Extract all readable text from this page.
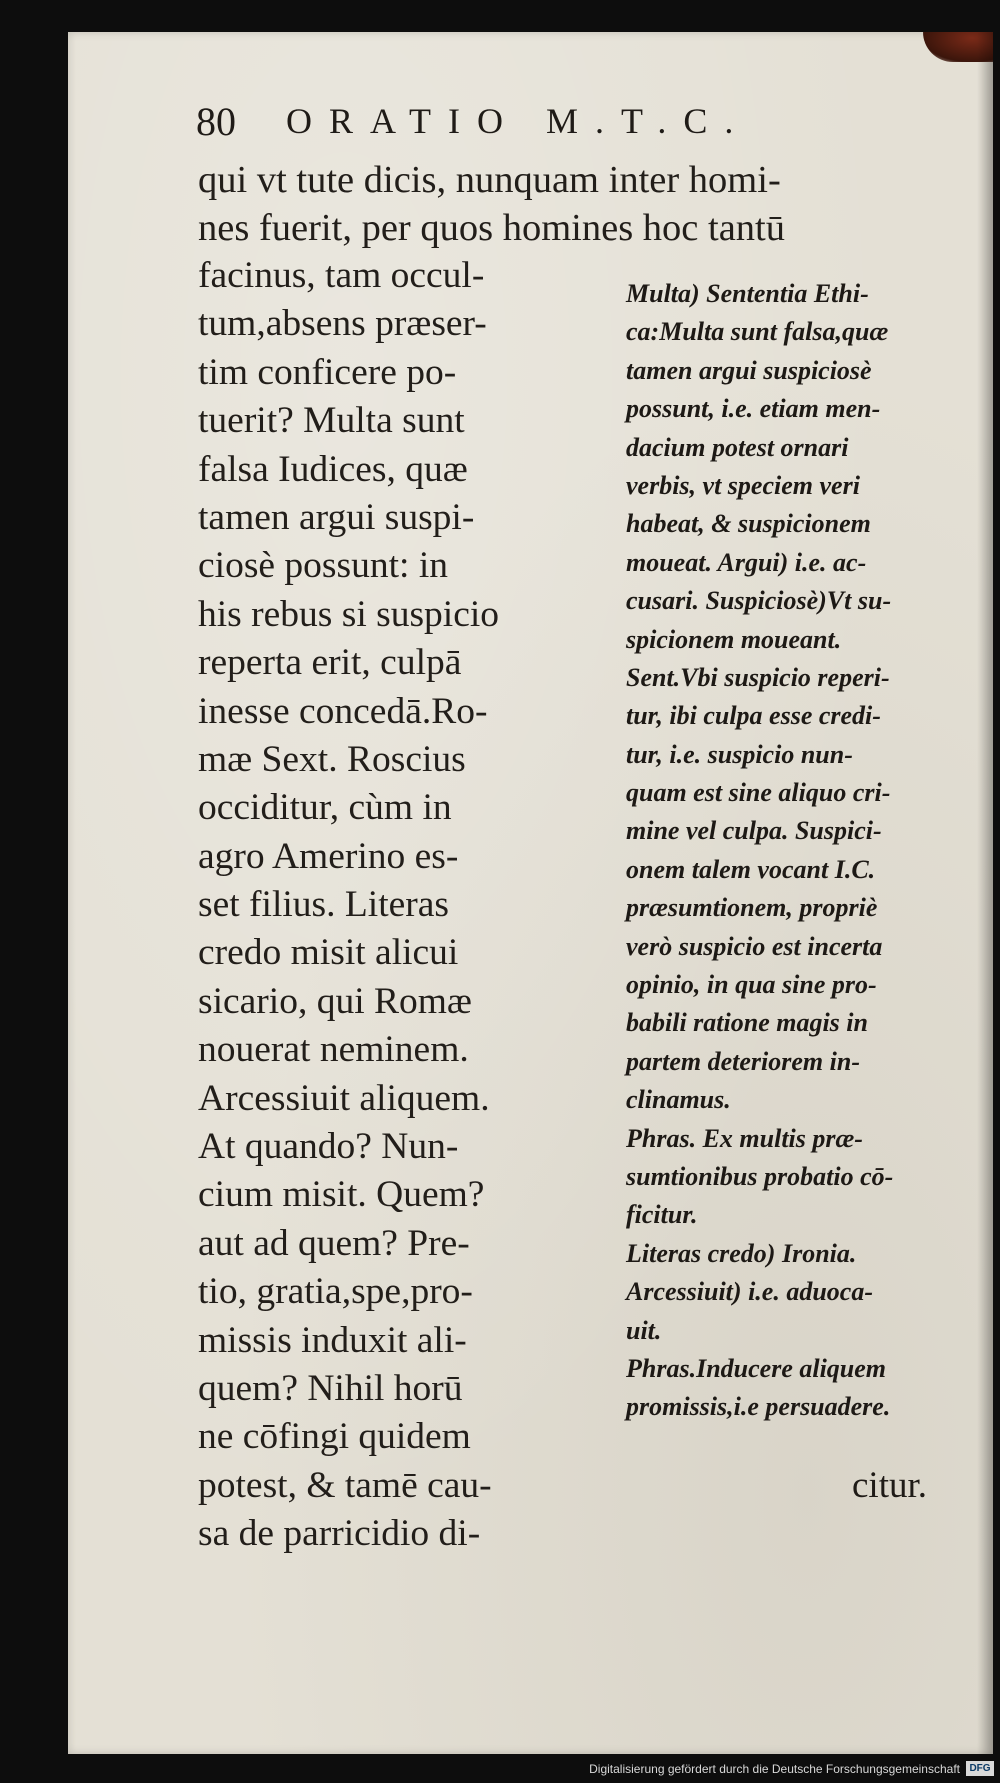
80 ORATIO M.T.C.
qui vt tute dicis, nunquam inter homi-
nes fuerit, per quos homines hoc tantū
facinus, tam occul-
tum,absens præser-
tim conficere po-
tuerit? Multa sunt
falsa Iudices, quæ
tamen argui suspi-
ciosè possunt: in
his rebus si suspicio
reperta erit, culpā
inesse concedā.Ro-
mæ Sext. Roscius
occiditur, cùm in
agro Amerino es-
set filius. Literas
credo misit alicui
sicario, qui Romæ
nouerat neminem.
Arcessiuit aliquem.
At quando? Nun-
cium misit. Quem?
aut ad quem? Pre-
tio, gratia,spe,pro-
missis induxit ali-
quem? Nihil horū
ne cōfingi quidem
potest, & tamē cau-
sa de parricidio di-
Multa) Sententia Ethi-
ca:Multa sunt falsa,quæ
tamen argui suspiciosè
possunt, i.e. etiam men-
dacium potest ornari
verbis, vt speciem veri
habeat, & suspicionem
moueat. Argui) i.e. ac-
cusari. Suspiciosè)Vt su-
spicionem moueant.
Sent.Vbi suspicio reperi-
tur, ibi culpa esse credi-
tur, i.e. suspicio nun-
quam est sine aliquo cri-
mine vel culpa. Suspici-
onem talem vocant I.C.
præsumtionem, propriè
verò suspicio est incerta
opinio, in qua sine pro-
babili ratione magis in
partem deteriorem in-
clinamus.
Phras. Ex multis præ-
sumtionibus probatio cō-
ficitur.
Literas credo) Ironia.
Arcessiuit) i.e. aduoca-
uit.
Phras.Inducere aliquem
promissis,i.e persuadere.
citur.
Digitalisierung gefördert durch die Deutsche Forschungsgemeinschaft DFG
